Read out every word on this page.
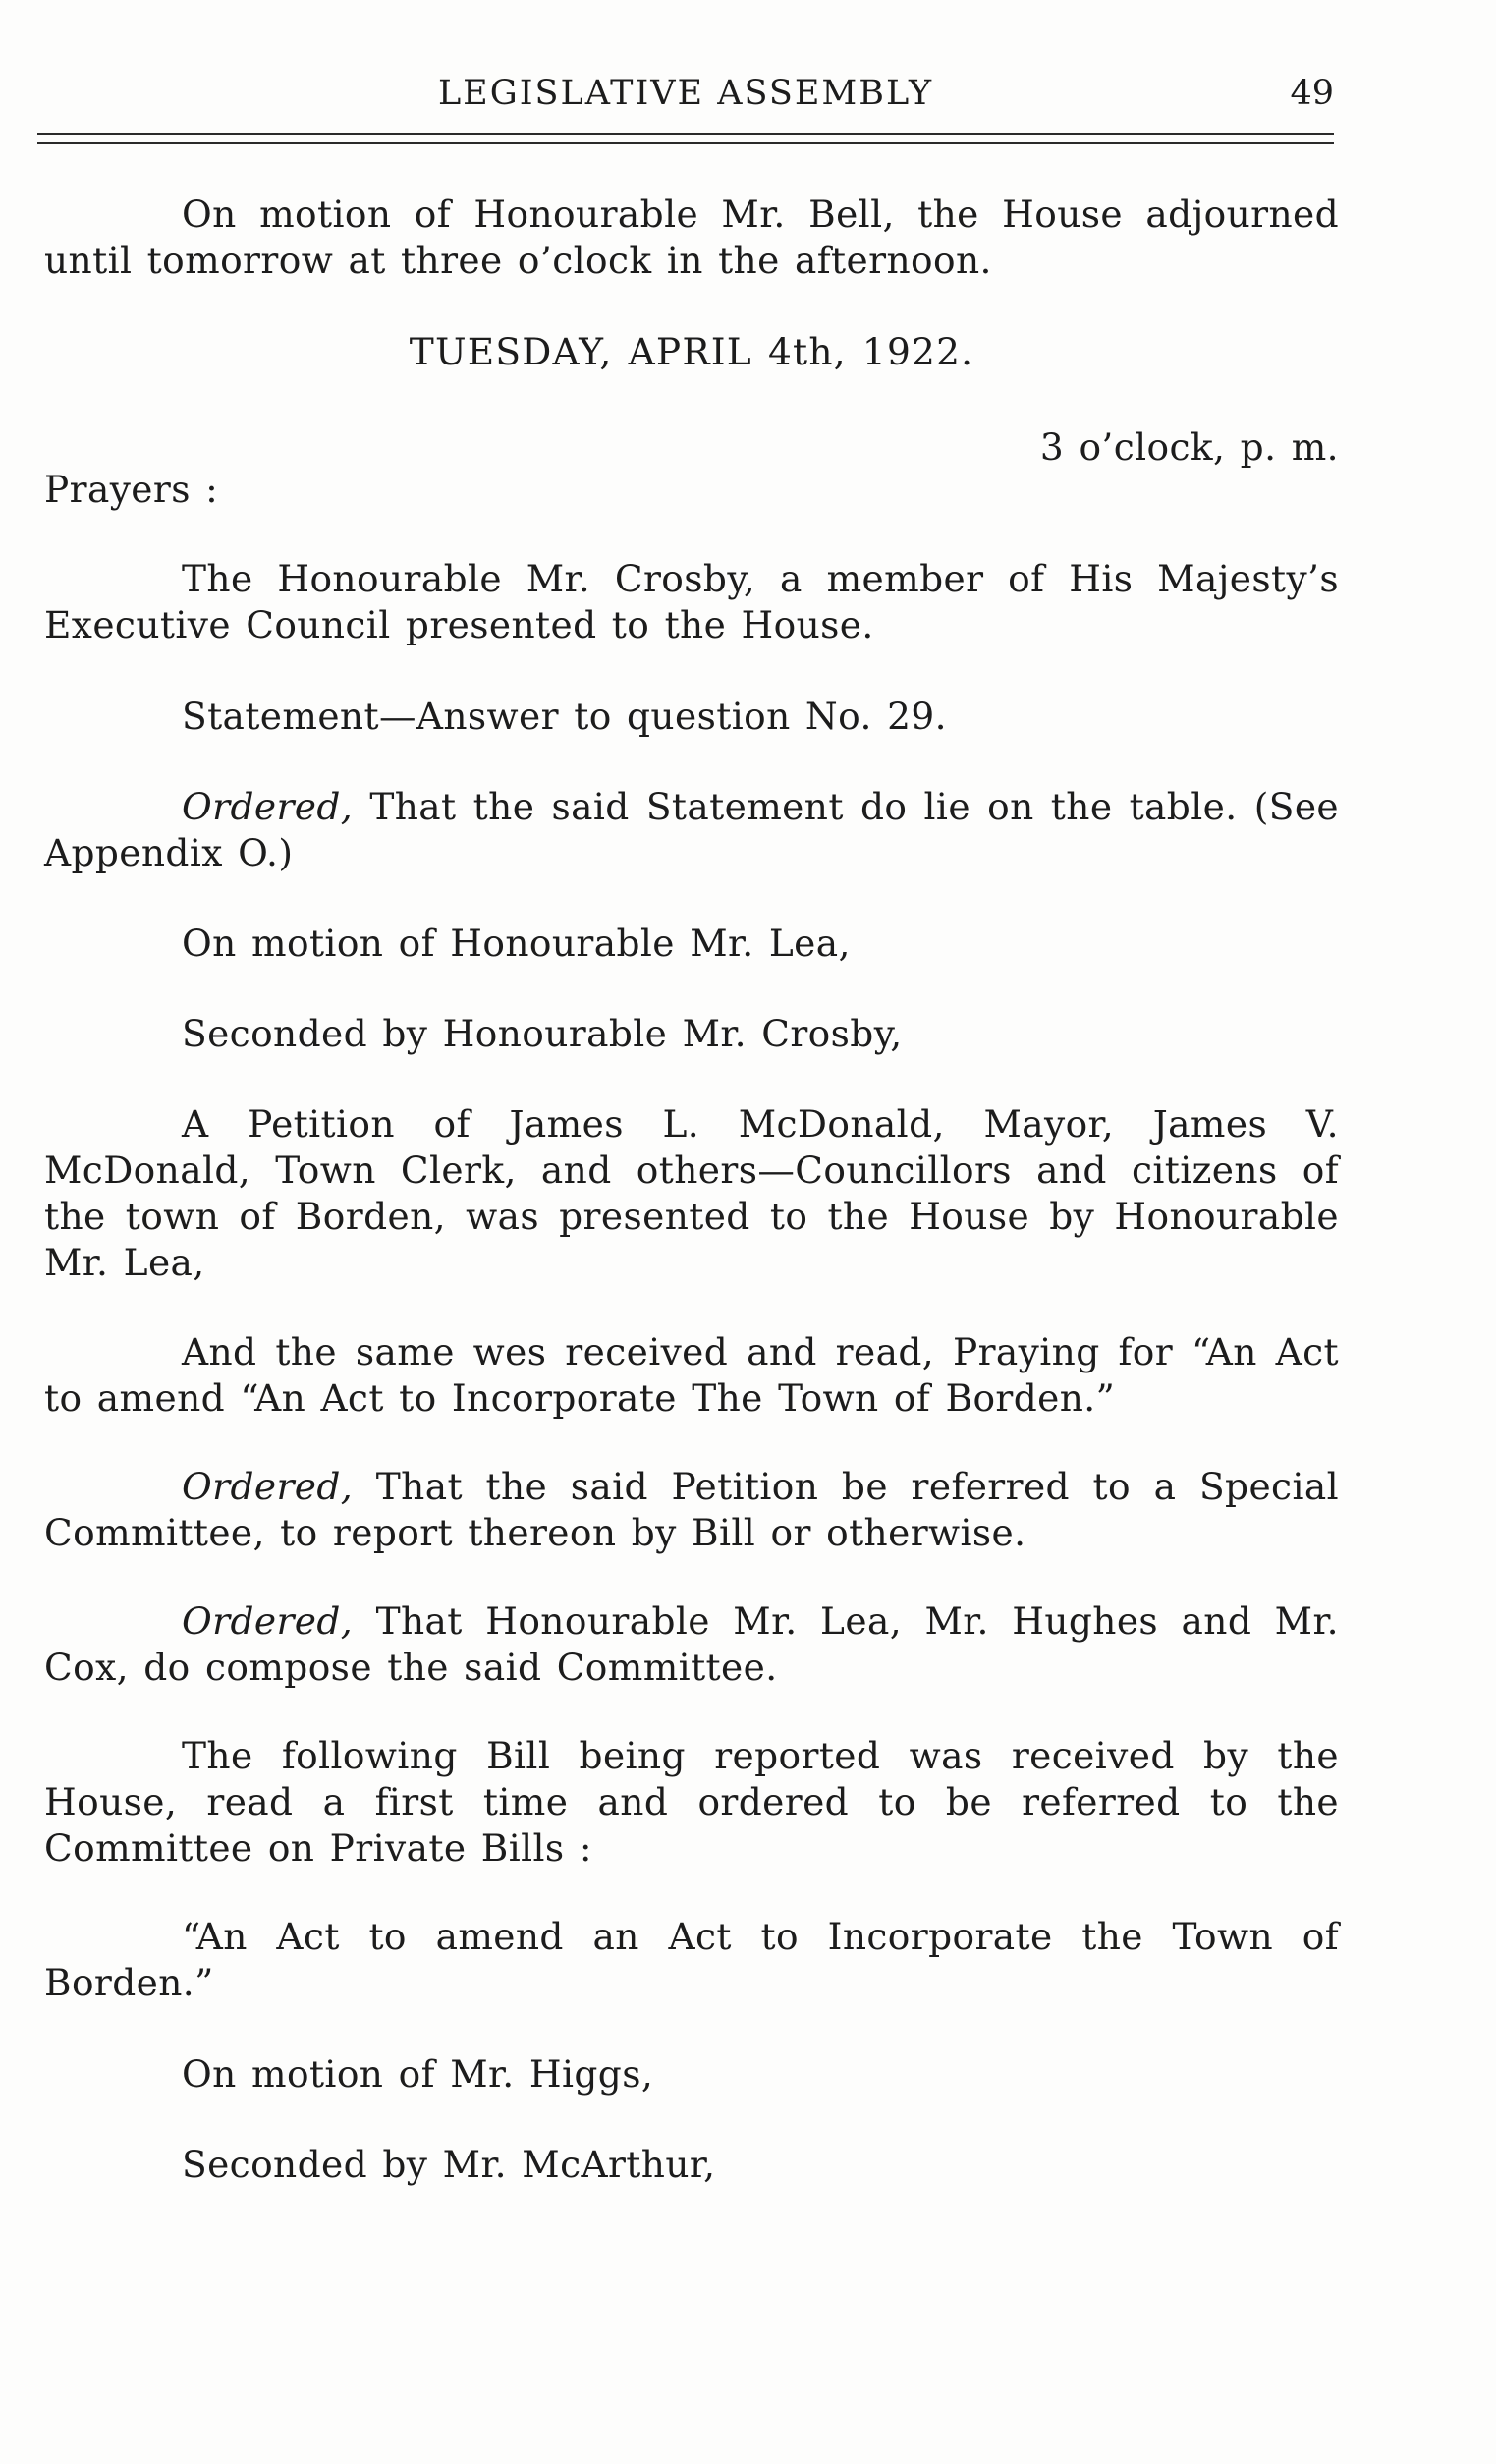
LEGISLATIVE ASSEMBLY	49

On motion of Honourable Mr. Bell, the House adjourned until tomorrow at three o’clock in the afternoon.

TUESDAY, APRIL 4th, 1922.

3 o’clock, p. m.

Prayers :

The Honourable Mr. Crosby, a member of His Majesty’s Executive Council presented to the House.

Statement—Answer to question No. 29.

Ordered, That the said Statement do lie on the table. (See Appendix O.)

On motion of Honourable Mr. Lea,

Seconded by Honourable Mr. Crosby,

A Petition of James L. McDonald, Mayor, James V. McDonald, Town Clerk, and others—Councillors and citizens of the town of Borden, was presented to the House by Honourable Mr. Lea,

And the same wes received and read, Praying for “An Act to amend “An Act to Incorporate The Town of Borden.”

Ordered, That the said Petition be referred to a Special Committee, to report thereon by Bill or otherwise.

Ordered, That Honourable Mr. Lea, Mr. Hughes and Mr. Cox, do compose the said Committee.

The following Bill being reported was received by the House, read a first time and ordered to be referred to the Committee on Private Bills :

“An Act to amend an Act to Incorporate the Town of Borden.”

On motion of Mr. Higgs,

Seconded by Mr. McArthur,
